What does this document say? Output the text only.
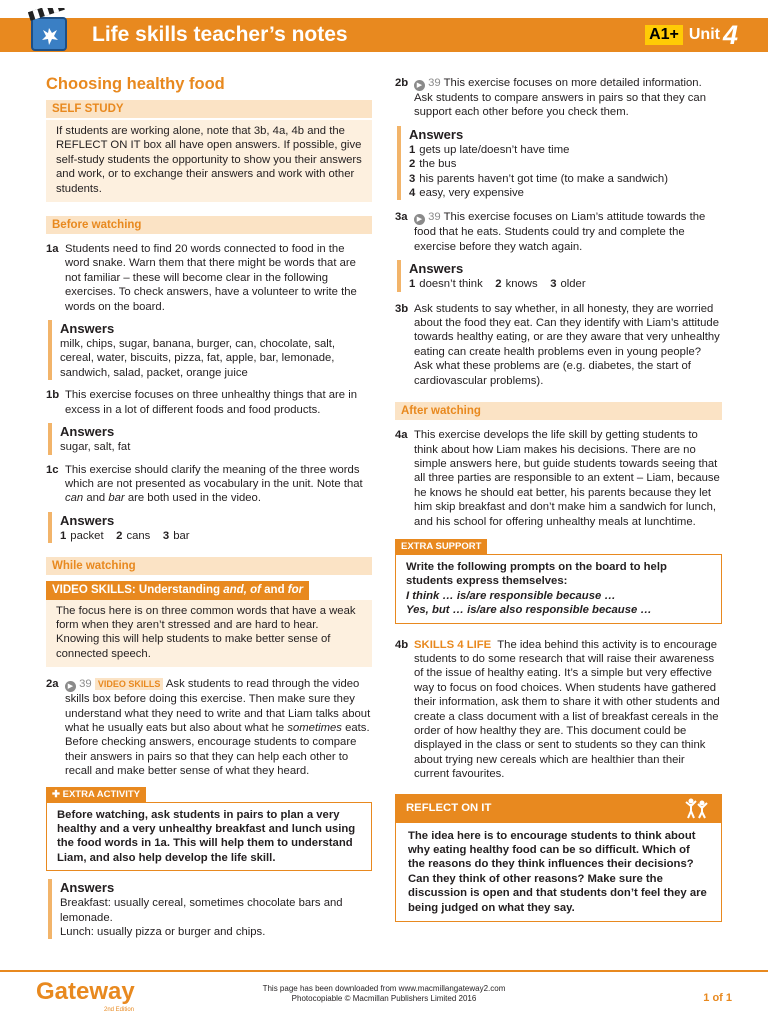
Life skills teacher’s notes	A1+ Unit 4
Choosing healthy food
SELF STUDY
If students are working alone, note that 3b, 4a, 4b and the REFLECT ON IT box all have open answers. If possible, give self-study students the opportunity to show you their answers and work, or to exchange their answers and work with other students.
Before watching
1a Students need to find 20 words connected to food in the word snake. Warn them that there might be words that are not familiar – these will become clear in the following exercises. To check answers, have a volunteer to write the words on the board.
Answers
milk, chips, sugar, banana, burger, can, chocolate, salt, cereal, water, biscuits, pizza, fat, apple, bar, lemonade, sandwich, salad, packet, orange juice
1b This exercise focuses on three unhealthy things that are in excess in a lot of different foods and food products.
Answers
sugar, salt, fat
1c This exercise should clarify the meaning of the three words which are not presented as vocabulary in the unit. Note that can and bar are both used in the video.
Answers
1 packet 2 cans 3 bar
While watching
VIDEO SKILLS: Understanding and, of and for
The focus here is on three common words that have a weak form when they aren’t stressed and are hard to hear. Knowing this will help students to make better sense of connected speech.
2a	▶ 39 VIDEO SKILLS Ask students to read through the video skills box before doing this exercise. Then make sure they understand what they need to write and that Liam talks about what he usually eats but also about what he sometimes eats. Before checking answers, encourage students to compare their answers in pairs so that they can help each other to recall and make better sense of what they heard.
✚ EXTRA ACTIVITY
Before watching, ask students in pairs to plan a very healthy and a very unhealthy breakfast and lunch using the food words in 1a. This will help them to understand Liam, and also help develop the life skill.
Answers
Breakfast: usually cereal, sometimes chocolate bars and lemonade.
Lunch: usually pizza or burger and chips.
2b	▶ 39 This exercise focuses on more detailed information. Ask students to compare answers in pairs so that they can support each other before you check them.
Answers
1 gets up late/doesn’t have time
2 the bus
3 his parents haven’t got time (to make a sandwich)
4 easy, very expensive
3a	▶ 39 This exercise focuses on Liam’s attitude towards the food that he eats. Students could try and complete the exercise before they watch again.
Answers
1 doesn’t think 2 knows 3 older
3b Ask students to say whether, in all honesty, they are worried about the food they eat. Can they identify with Liam’s attitude towards healthy eating, or are they aware that very unhealthy eating can create health problems even in young people? Ask what these problems are (e.g. diabetes, the start of cardiovascular problems).
After watching
4a This exercise develops the life skill by getting students to think about how Liam makes his decisions. There are no simple answers here, but guide students towards seeing that all three parties are responsible to an extent – Liam, because he knows he should eat better, his parents because they let him skip breakfast and don’t make him a sandwich for lunch, and his school for offering unhealthy meals at lunchtime.
EXTRA SUPPORT
Write the following prompts on the board to help students express themselves:
I think … is/are responsible because …
Yes, but … is/are also responsible because …
4b SKILLS 4 LIFE The idea behind this activity is to encourage students to do some research that will raise their awareness of the issue of healthy eating. It’s a simple but very effective way to focus on food choices. When students have gathered their information, ask them to share it with other students and create a class document with a list of breakfast cereals in the order of how healthy they are. This document could be displayed in the class or sent to students so they can think about trying new cereals which are healthier than their current favourites.
REFLECT ON IT
The idea here is to encourage students to think about why eating healthy food can be so difficult. Which of the reasons do they think influences their decisions? Can they think of other reasons? Make sure the discussion is open and that students don’t feel they are being judged on what they say.
Gateway
2nd Edition
This page has been downloaded from www.macmillangateway2.com
Photocopiable © Macmillan Publishers Limited 2016	1 of 1
